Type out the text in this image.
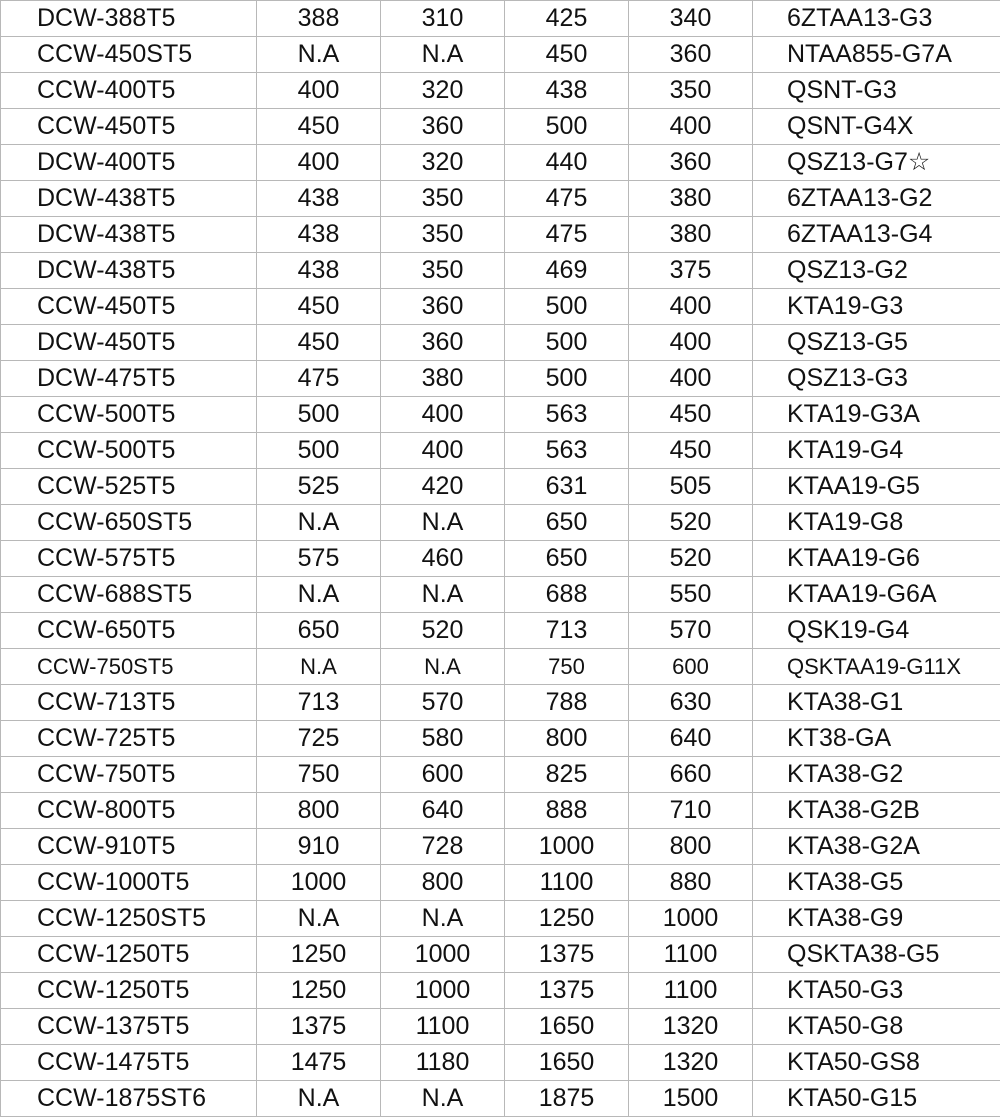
DCW-388T5	388	310	425	340	6ZTAA13-G3
CCW-450ST5	N.A	N.A	450	360	NTAA855-G7A
CCW-400T5	400	320	438	350	QSNT-G3
CCW-450T5	450	360	500	400	QSNT-G4X
DCW-400T5	400	320	440	360	QSZ13-G7☆
DCW-438T5	438	350	475	380	6ZTAA13-G2
DCW-438T5	438	350	475	380	6ZTAA13-G4
DCW-438T5	438	350	469	375	QSZ13-G2
CCW-450T5	450	360	500	400	KTA19-G3
DCW-450T5	450	360	500	400	QSZ13-G5
DCW-475T5	475	380	500	400	QSZ13-G3
CCW-500T5	500	400	563	450	KTA19-G3A
CCW-500T5	500	400	563	450	KTA19-G4
CCW-525T5	525	420	631	505	KTAA19-G5
CCW-650ST5	N.A	N.A	650	520	KTA19-G8
CCW-575T5	575	460	650	520	KTAA19-G6
CCW-688ST5	N.A	N.A	688	550	KTAA19-G6A
CCW-650T5	650	520	713	570	QSK19-G4
CCW-750ST5	N.A	N.A	750	600	QSKTAA19-G11X
CCW-713T5	713	570	788	630	KTA38-G1
CCW-725T5	725	580	800	640	KT38-GA
CCW-750T5	750	600	825	660	KTA38-G2
CCW-800T5	800	640	888	710	KTA38-G2B
CCW-910T5	910	728	1000	800	KTA38-G2A
CCW-1000T5	1000	800	1100	880	KTA38-G5
CCW-1250ST5	N.A	N.A	1250	1000	KTA38-G9
CCW-1250T5	1250	1000	1375	1100	QSKTA38-G5
CCW-1250T5	1250	1000	1375	1100	KTA50-G3
CCW-1375T5	1375	1100	1650	1320	KTA50-G8
CCW-1475T5	1475	1180	1650	1320	KTA50-GS8
CCW-1875ST6	N.A	N.A	1875	1500	KTA50-G15
